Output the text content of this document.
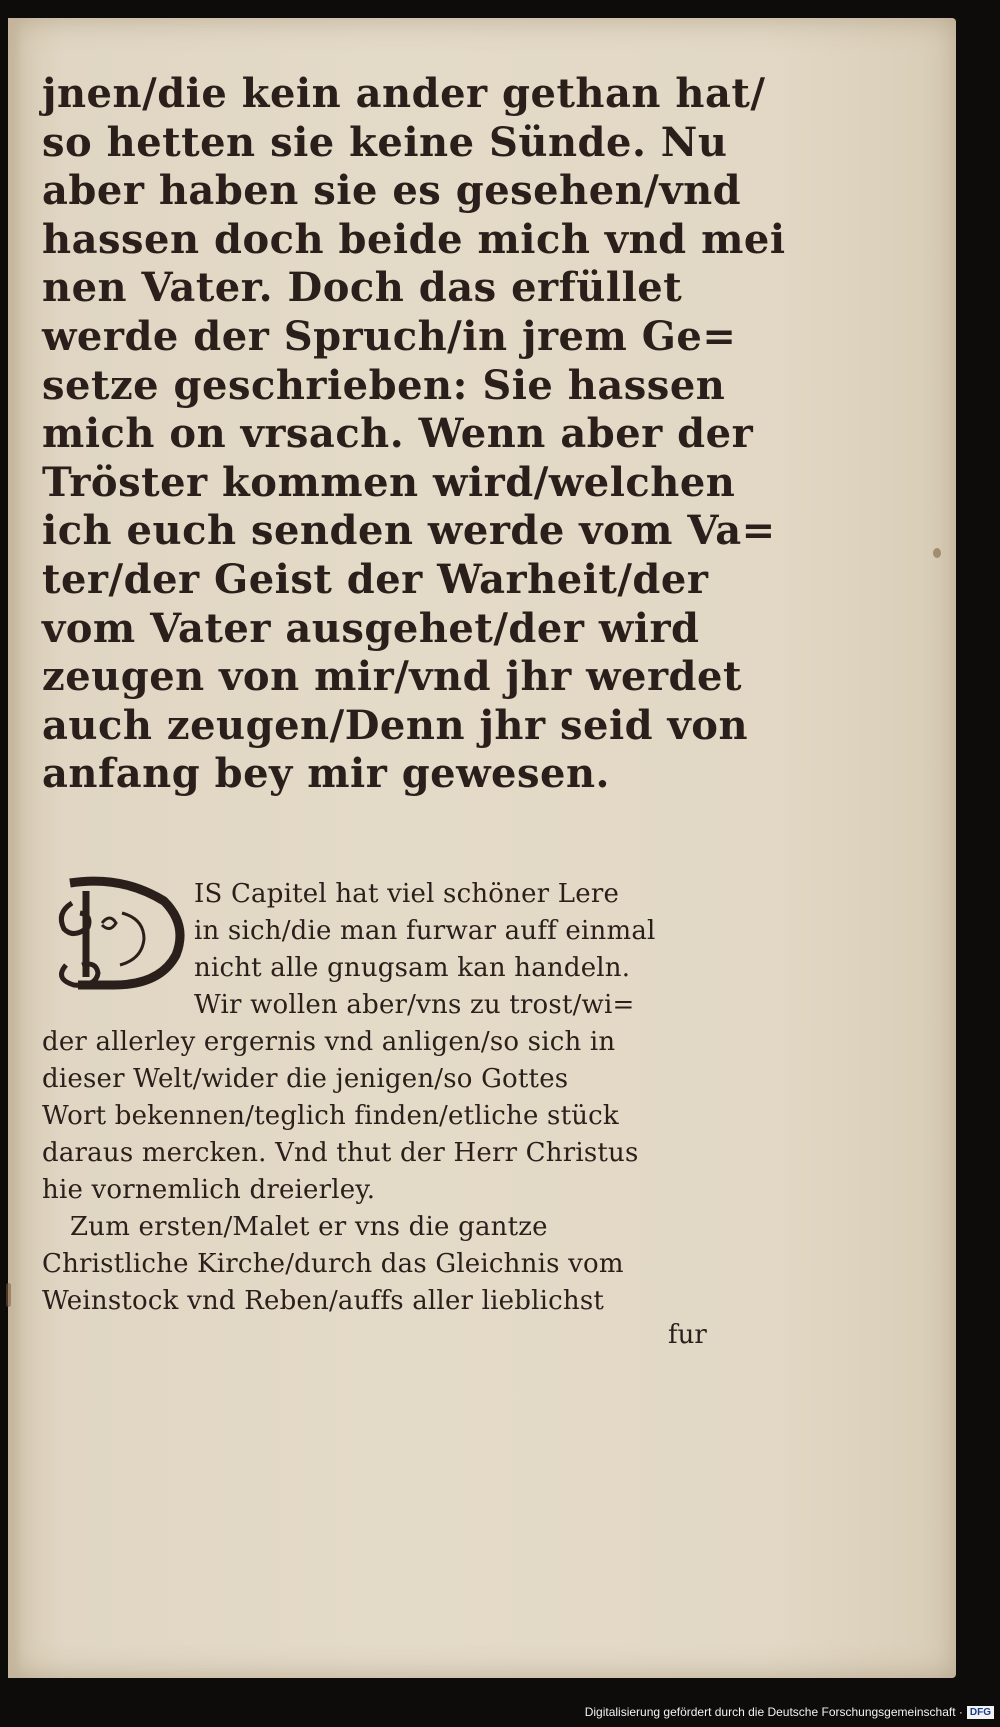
jnen/die kein ander gethan hat/
so hetten sie keine Sünde. Nu
aber haben sie es gesehen/vnd
hassen doch beide mich vnd mei
nen Vater. Doch das erfüllet
werde der Spruch/in jrem Ge=
setze geschrieben: Sie hassen
mich on vrsach. Wenn aber der
Tröster kommen wird/welchen
ich euch senden werde vom Va=
ter/der Geist der Warheit/der
vom Vater ausgehet/der wird
zeugen von mir/vnd jhr werdet
auch zeugen/Denn jhr seid von
anfang bey mir gewesen.
D IS Capitel hat viel schöner Lere
in sich/die man furwar auff einmal
nicht alle gnugsam kan handeln.
Wir wollen aber/vns zu trost/wi=
der allerley ergernis vnd anligen/so sich in
dieser Welt/wider die jenigen/so Gottes
Wort bekennen/teglich finden/etliche stück
daraus mercken. Vnd thut der Herr Christus
hie vornemlich dreierley.
Zum ersten/Malet er vns die gantze
Christliche Kirche/durch das Gleichnis vom
Weinstock vnd Reben/auffs aller lieblichst
fur
Digitalisierung gefördert durch die Deutsche Forschungsgemeinschaft · DFG
